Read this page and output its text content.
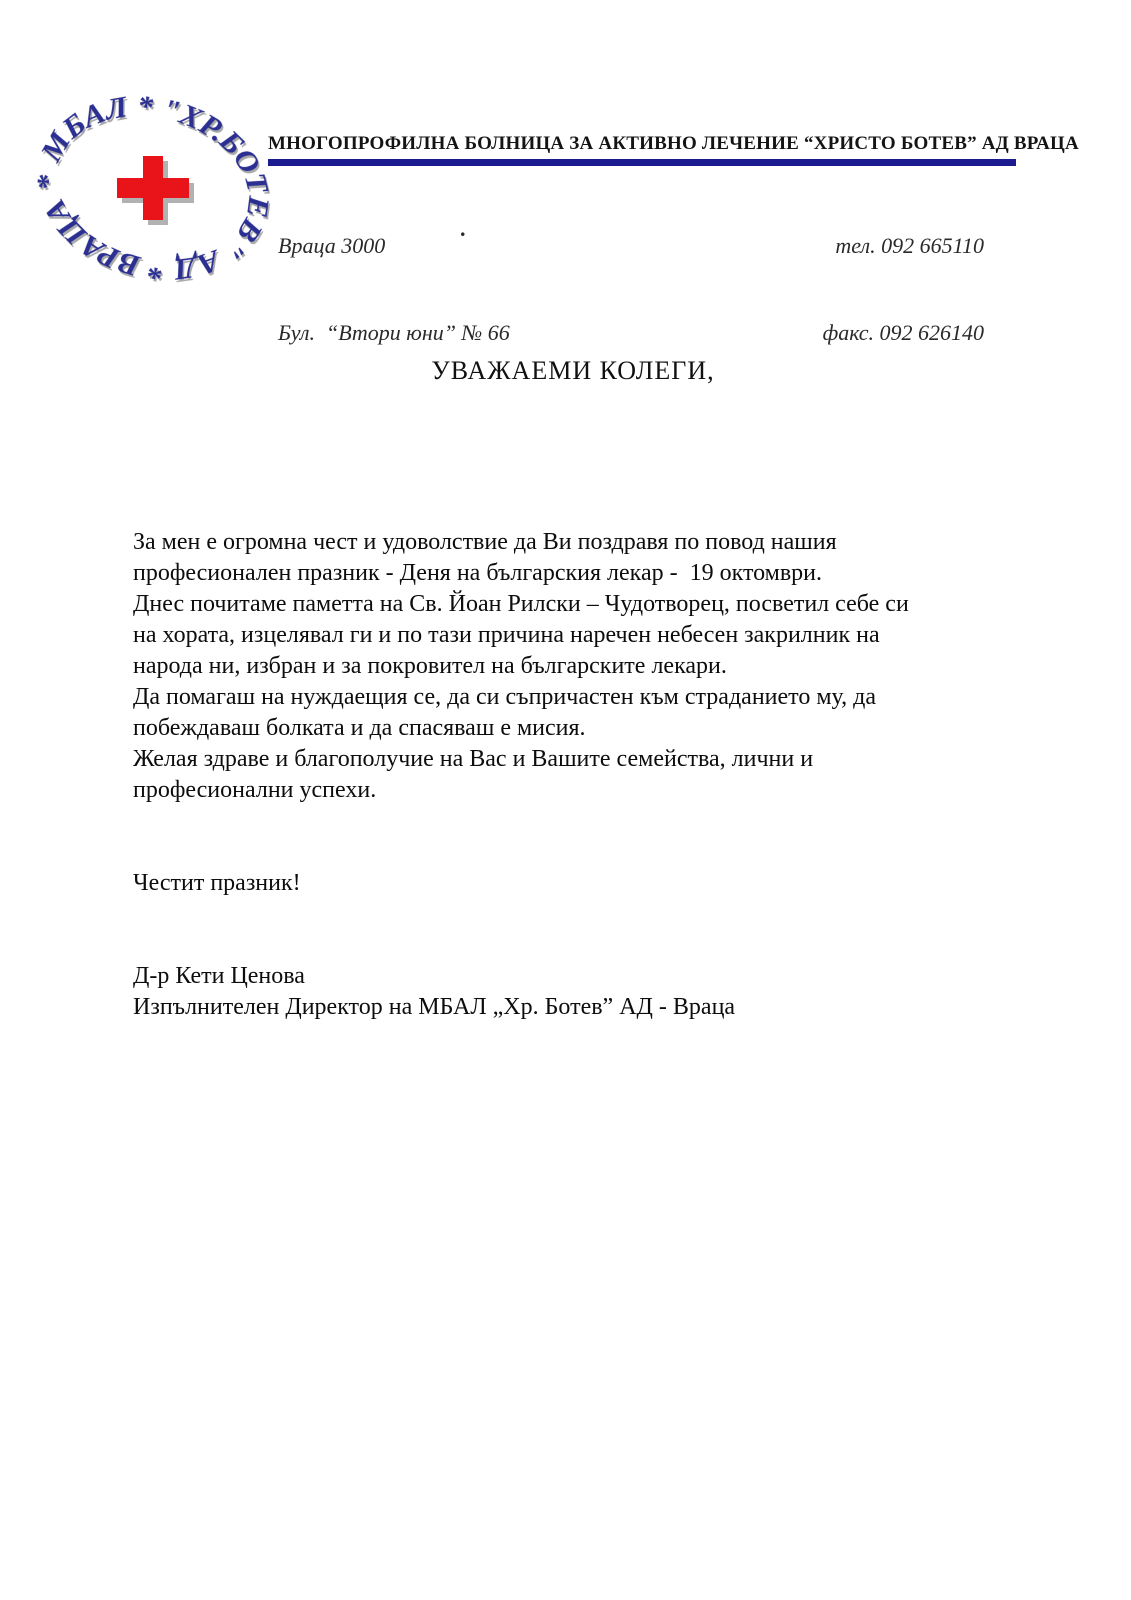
МБАЛ * "ХР.БОТЕВ" АД * ВРАЦА *
МНОГОПРОФИЛНА БОЛНИЦА ЗА АКТИВНО ЛЕЧЕНИЕ “ХРИСТО БОТЕВ” АД ВРАЦА

Враца 3000

Бул.  “Втори юни” № 66

тел. 092 665110

факс. 092 626140

.
УВАЖАЕМИ КОЛЕГИ,
За мен е огромна чест и удоволствие да Ви поздравя по повод нашия
професионален празник - Деня на българския лекар -  19 октомври.
Днес почитаме паметта на Св. Йоан Рилски – Чудотворец, посветил себе си
на хората, изцелявал ги и по тази причина наречен небесен закрилник на
народа ни, избран и за покровител на българските лекари.
Да помагаш на нуждаещия се, да си съпричастен към страданието му, да
побеждаваш болката и да спасяваш е мисия.
Желая здраве и благополучие на Вас и Вашите семейства, лични и
професионални успехи.
Честит празник!
Д-р Кети Ценова
Изпълнителен Директор на МБАЛ „Хр. Ботев” АД - Враца
